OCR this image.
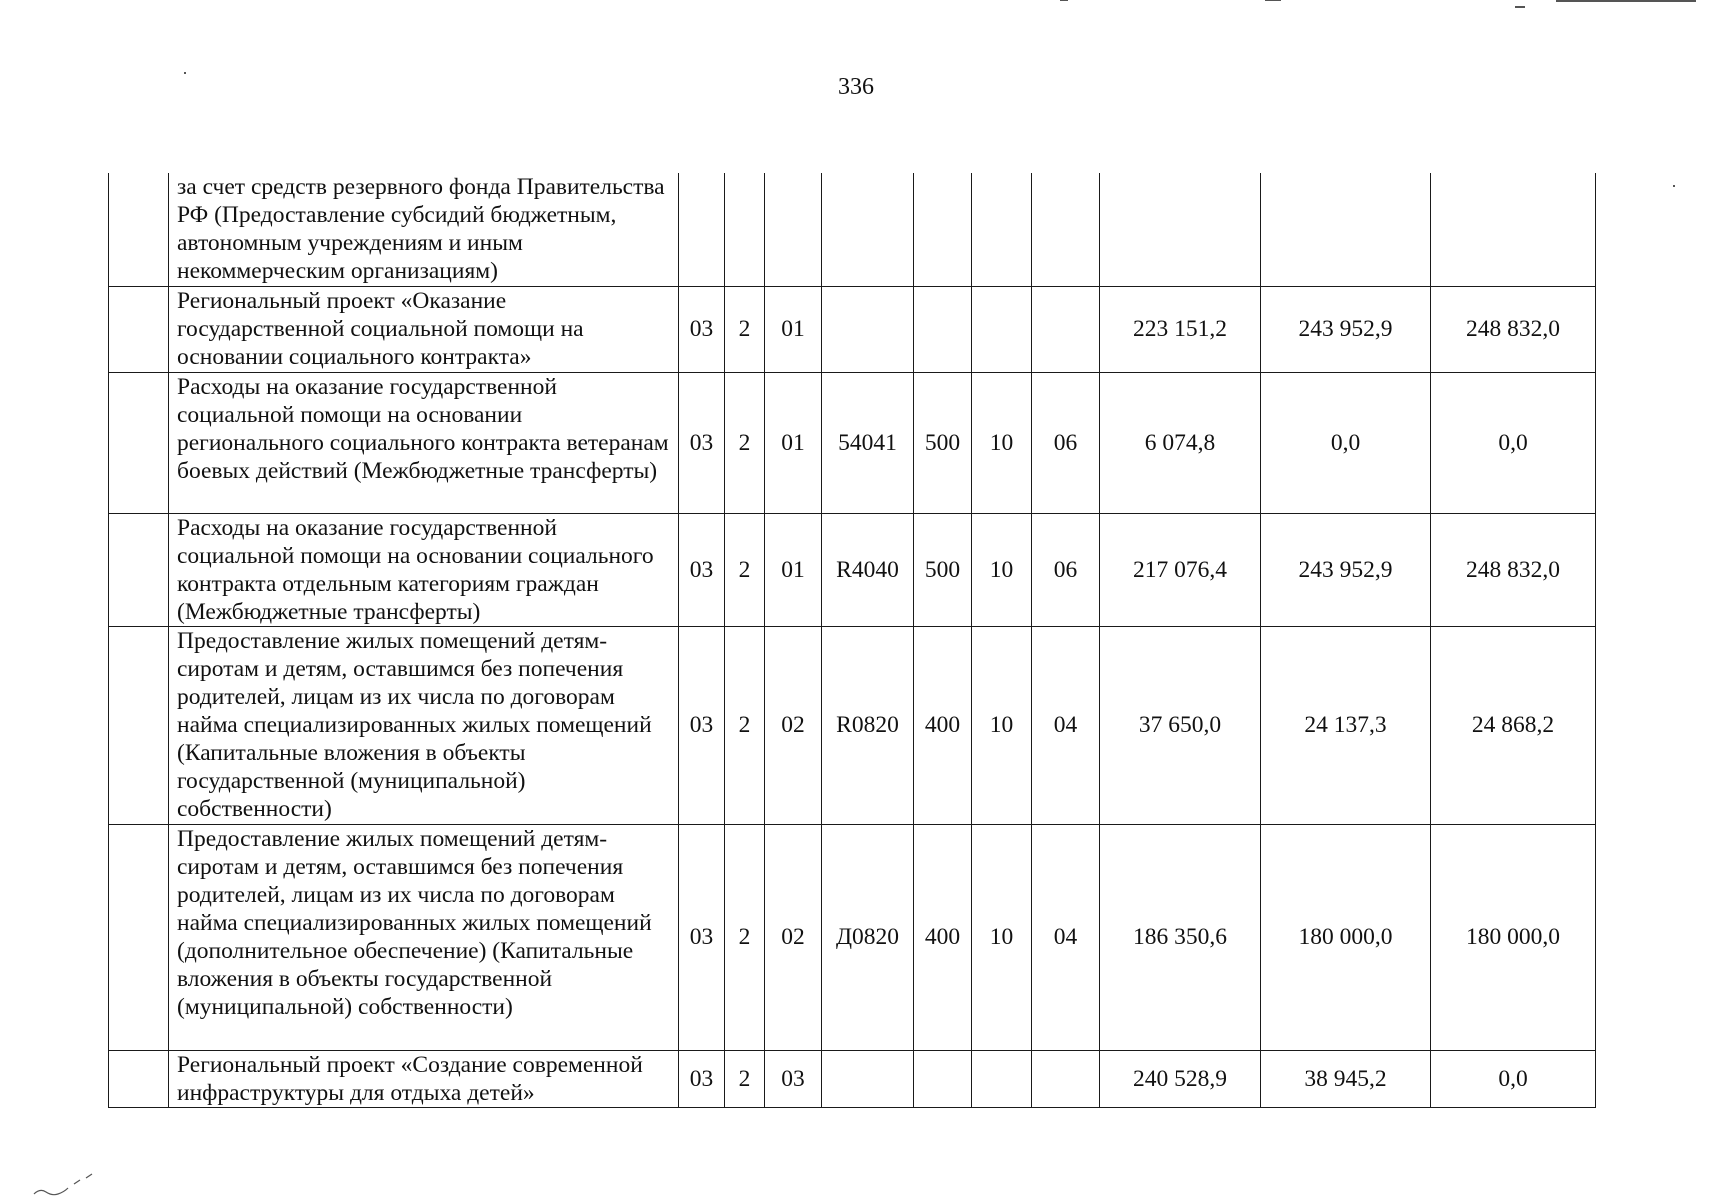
336
	за счет средств резервного фонда Правительства РФ (Предоставление субсидий бюджетным, автономным учреждениям и иным некоммерческим организациям)										
	Региональный проект «Оказание государственной социальной помощи на основании социального контракта»	03	2	01					223 151,2	243 952,9	248 832,0
	Расходы на оказание государственной социальной помощи на основании регионального социального контракта ветеранам боевых действий (Межбюджетные трансферты)	03	2	01	54041	500	10	06	6 074,8	0,0	0,0
	Расходы на оказание государственной социальной помощи на основании социального контракта отдельным категориям граждан (Межбюджетные трансферты)	03	2	01	R4040	500	10	06	217 076,4	243 952,9	248 832,0
	Предоставление жилых помещений детям-сиротам и детям, оставшимся без попечения родителей, лицам из их числа по договорам найма специализированных жилых помещений (Капитальные вложения в объекты государственной (муниципальной) собственности)	03	2	02	R0820	400	10	04	37 650,0	24 137,3	24 868,2
	Предоставление жилых помещений детям-сиротам и детям, оставшимся без попечения родителей, лицам из их числа по договорам найма специализированных жилых помещений (дополнительное обеспечение) (Капитальные вложения в объекты государственной (муниципальной) собственности)	03	2	02	Д0820	400	10	04	186 350,6	180 000,0	180 000,0
	Региональный проект «Создание современной инфраструктуры для отдыха детей»	03	2	03					240 528,9	38 945,2	0,0
